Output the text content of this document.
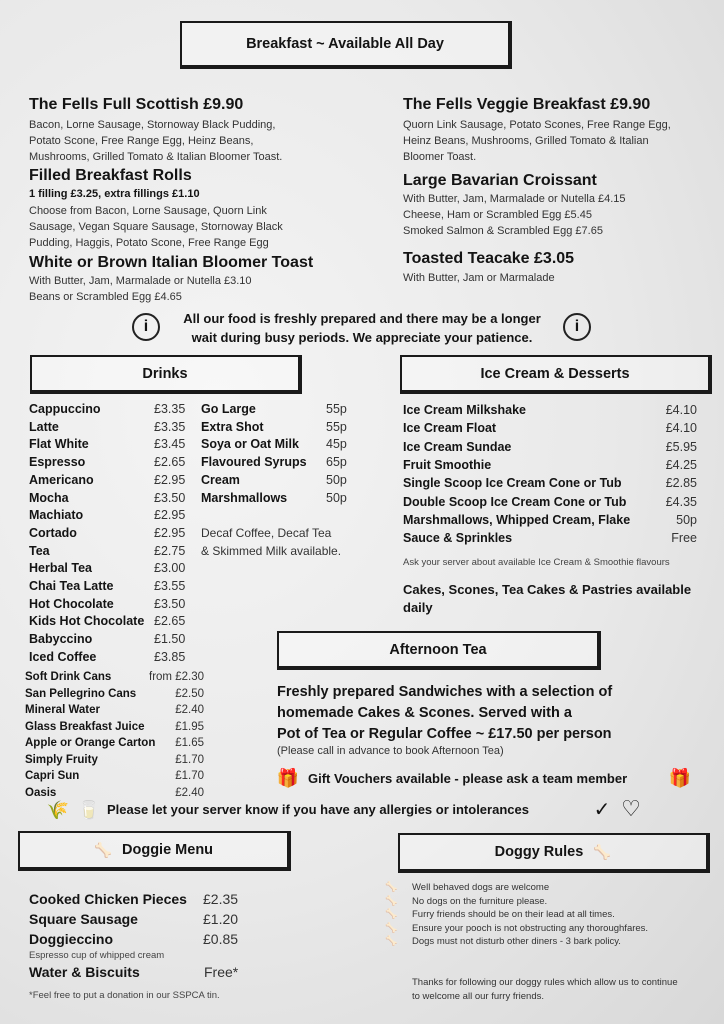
Breakfast ~ Available All Day
The Fells Full Scottish £9.90
Bacon, Lorne Sausage, Stornoway Black Pudding,
Potato Scone, Free Range Egg, Heinz Beans,
Mushrooms, Grilled Tomato & Italian Bloomer Toast.
Filled Breakfast Rolls
1 filling £3.25, extra fillings £1.10
Choose from Bacon, Lorne Sausage, Quorn Link
Sausage, Vegan Square Sausage, Stornoway Black
Pudding, Haggis, Potato Scone, Free Range Egg
White or Brown Italian Bloomer Toast
With Butter, Jam, Marmalade or Nutella £3.10
Beans or Scrambled Egg £4.65
The Fells Veggie Breakfast £9.90
Quorn Link Sausage, Potato Scones, Free Range Egg,
Heinz Beans, Mushrooms, Grilled Tomato & Italian
Bloomer Toast.
Large Bavarian Croissant
With Butter, Jam, Marmalade or Nutella £4.15
Cheese, Ham or Scrambled Egg £5.45
Smoked Salmon & Scrambled Egg £7.65
Toasted Teacake £3.05
With Butter, Jam or Marmalade
i	i
All our food is freshly prepared and there may be a longer
wait during busy periods. We appreciate your patience.
Drinks	Ice Cream & Desserts
Cappuccino	£3.35
Latte	£3.35
Flat White	£3.45
Espresso	£2.65
Americano	£2.95
Mocha	£3.50
Machiato	£2.95
Cortado	£2.95
Tea	£2.75
Herbal Tea	£3.00
Chai Tea Latte	£3.55
Hot Chocolate	£3.50
Kids Hot Chocolate £2.65
Babyccino	£1.50
Iced Coffee	£3.85
Go Large	55p
Extra Shot	55p
Soya or Oat Milk 45p
Flavoured Syrups 65p
Cream	50p
Marshmallows	50p
Decaf Coffee, Decaf Tea
& Skimmed Milk available.
Soft Drink Cans	from £2.30
San Pellegrino Cans	£2.50
Mineral Water	£2.40
Glass Breakfast Juice	£1.95
Apple or Orange Carton	£1.65
Simply Fruity	£1.70
Capri Sun	£1.70
Oasis	£2.40
Ice Cream Milkshake	£4.10
Ice Cream Float	£4.10
Ice Cream Sundae	£5.95
Fruit Smoothie	£4.25
Single Scoop Ice Cream Cone or Tub	£2.85
Double Scoop Ice Cream Cone or Tub	£4.35
Marshmallows, Whipped Cream, Flake	50p
Sauce & Sprinkles	Free
Ask your server about available Ice Cream & Smoothie flavours
Cakes, Scones, Tea Cakes & Pastries available
daily
Afternoon Tea
Freshly prepared Sandwiches with a selection of
homemade Cakes & Scones. Served with a
Pot of Tea or Regular Coffee ~ £17.50 per person
(Please call in advance to book Afternoon Tea)
🎁 Gift Vouchers available - please ask a team member 🎁
🌾 🥛 Please let your server know if you have any allergies or intolerances	✓ ♡
🦴 Doggie Menu	Doggy Rules 🦴
Cooked Chicken Pieces £2.35
Square Sausage	£1.20
Doggieccino	£0.85
Espresso cup of whipped cream
Water & Biscuits	Free*
*Feel free to put a donation in our SSPCA tin.
🦴 Well behaved dogs are welcome
🦴 No dogs on the furniture please.
🦴 Furry friends should be on their lead at all times.
🦴 Ensure your pooch is not obstructing any thoroughfares.
🦴 Dogs must not disturb other diners - 3 bark policy.
Thanks for following our doggy rules which allow us to continue
to welcome all our furry friends.
